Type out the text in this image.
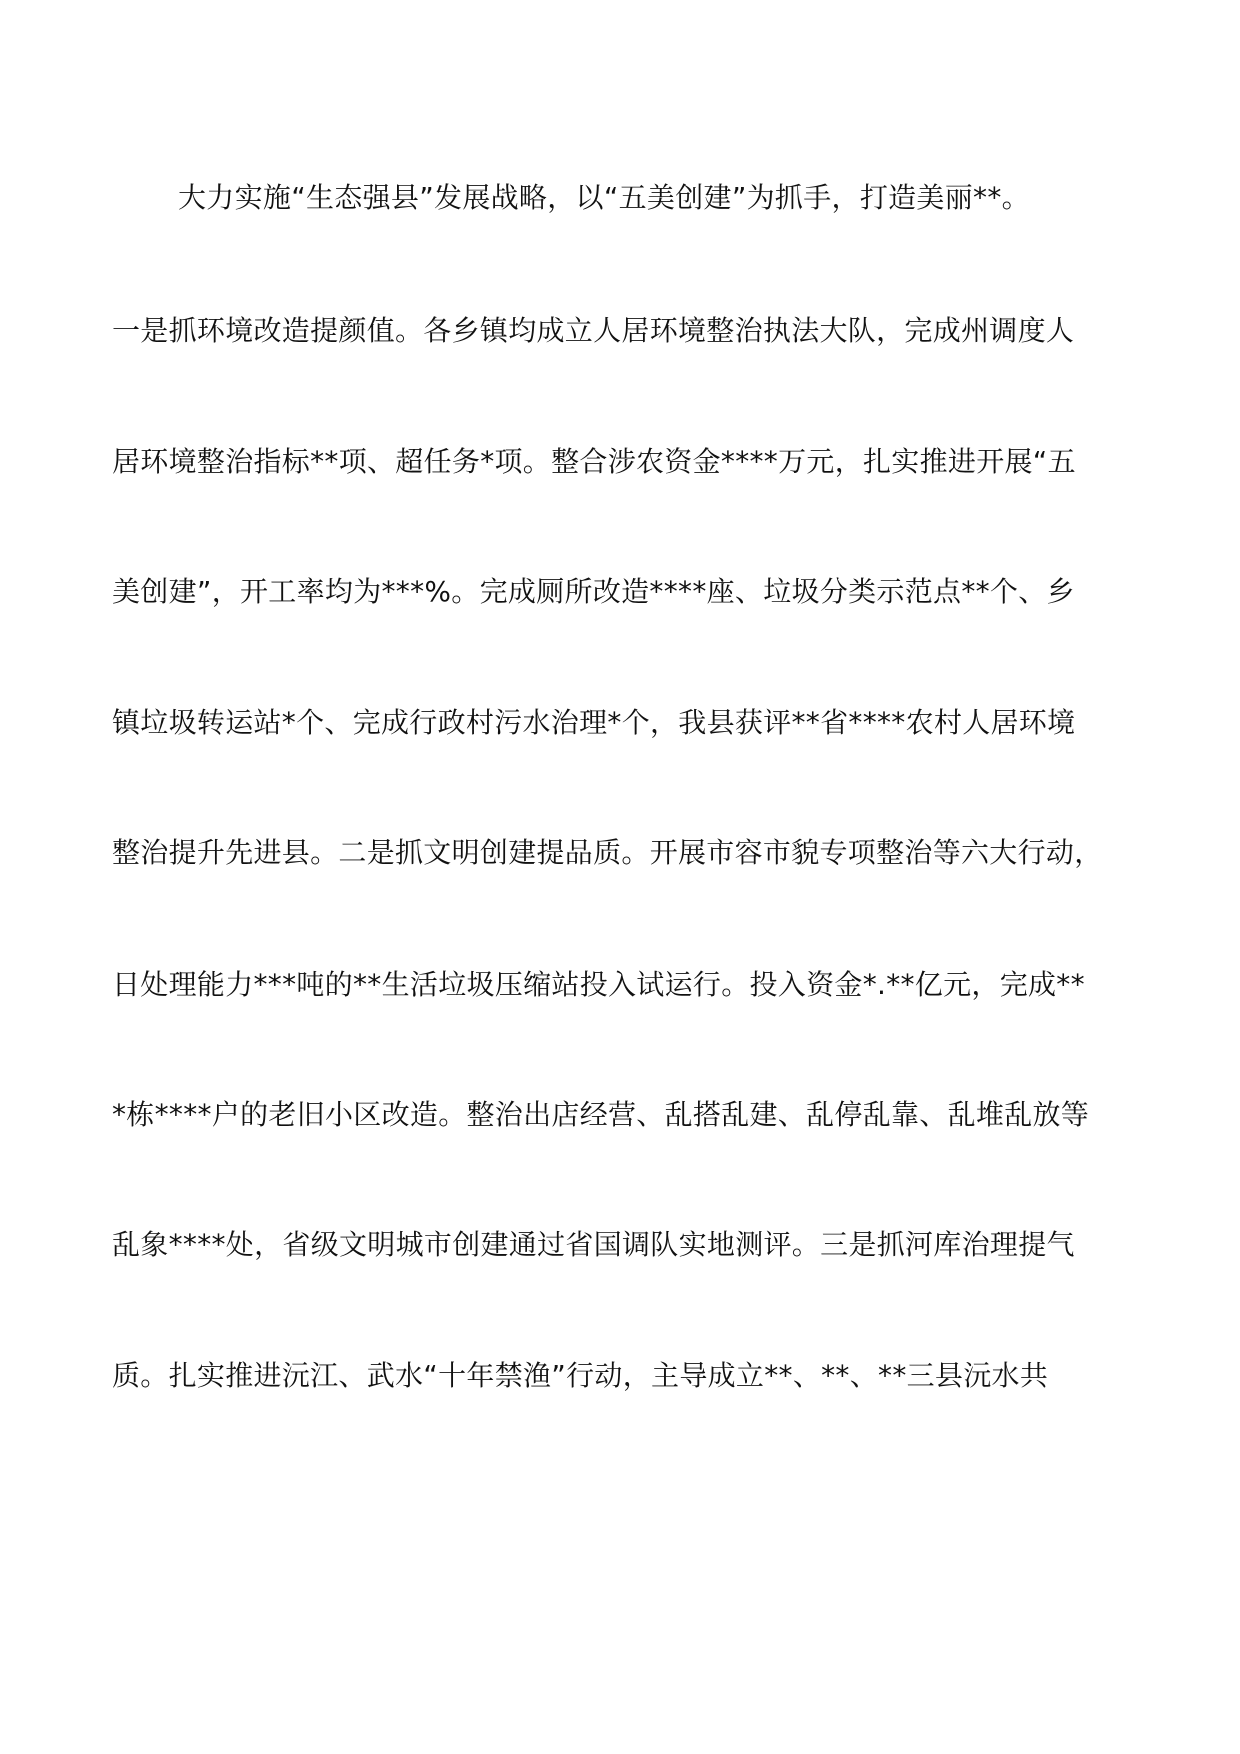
大力实施“生态强县”发展战略，以“五美创建”为抓手，打造美丽**。
一是抓环境改造提颜值。各乡镇均成立人居环境整治执法大队，完成州调度人
居环境整治指标**项、超任务*项。整合涉农资金****万元，扎实推进开展“五
美创建”，开工率均为***%。完成厕所改造****座、垃圾分类示范点**个、乡
镇垃圾转运站*个、完成行政村污水治理*个，我县获评**省****农村人居环境
整治提升先进县。二是抓文明创建提品质。开展市容市貌专项整治等六大行动，
日处理能力***吨的**生活垃圾压缩站投入试运行。投入资金*.**亿元，完成**
*栋****户的老旧小区改造。整治出店经营、乱搭乱建、乱停乱靠、乱堆乱放等
乱象****处，省级文明城市创建通过省国调队实地测评。三是抓河库治理提气
质。扎实推进沅江、武水“十年禁渔”行动，主导成立**、**、**三县沅水共
